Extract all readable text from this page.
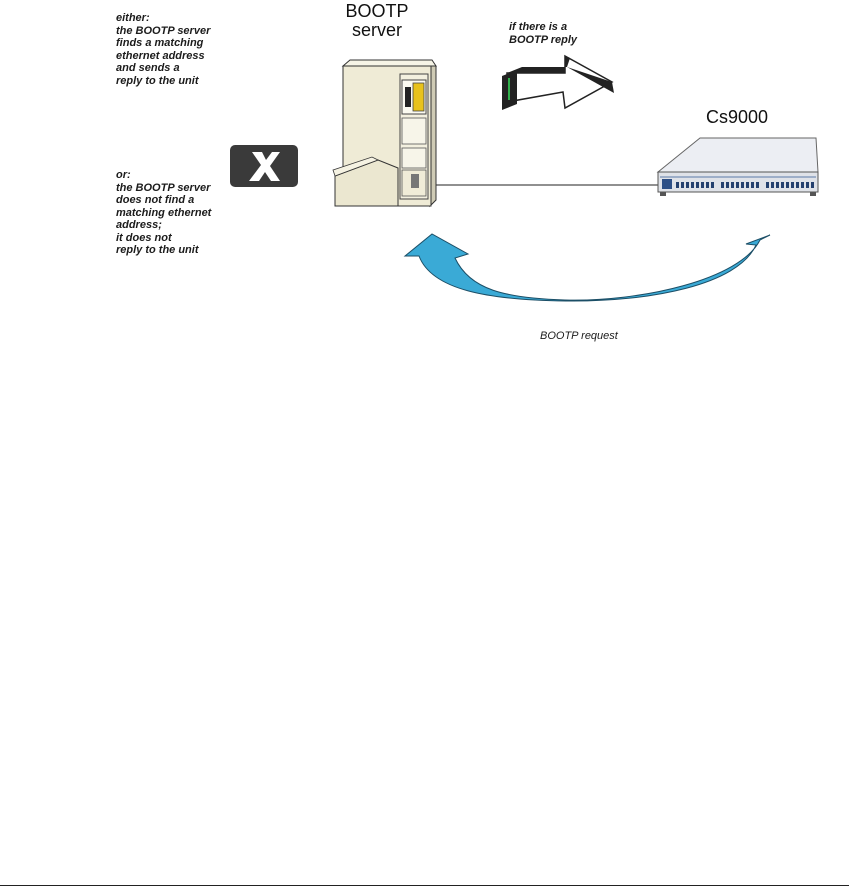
either:
the BOOTP server
finds a matching
ethernet address
and sends a
reply to the unit
or:
the BOOTP server
does not find a
matching ethernet
address;
it does not
reply to the unit
BOOTP
server	if there is a
BOOTP reply
Cs9000
BOOTP request
